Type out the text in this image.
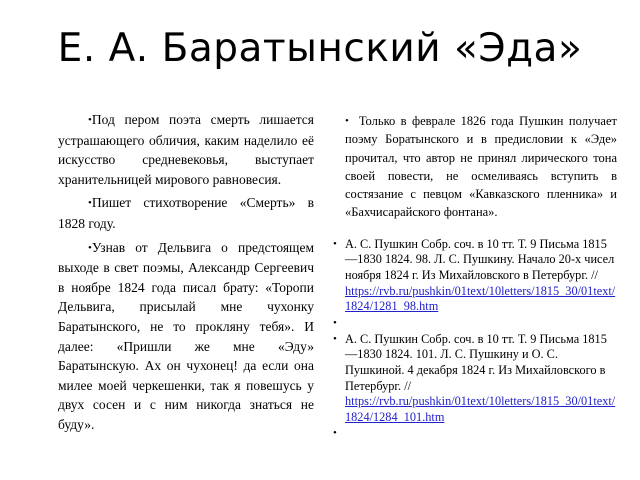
Е. А. Баратынский «Эда»

•Под пером поэта смерть лишается устрашающего обличия, каким наделило её искусство средневековья, выступает хранительницей мирового равновесия.

•Пишет стихотворение «Смерть» в 1828 году.

•Узнав от Дельвига о предстоящем выходе в свет поэмы, Александр Сергеевич в ноябре 1824 года писал брату: «Торопи Дельвига, присылай мне чухонку Баратынского, не то прокляну тебя». И далее: «Пришли же мне «Эду» Баратынскую. Ах он чухонец! да если она милее моей черкешенки, так я повешусь у двух сосен и с ним никогда знаться не буду».

•Только в феврале 1826 года Пушкин получает поэму Боратынского и в предисловии к «Эде» прочитал, что автор не принял лирического тона своей повести, не осмеливаясь вступить в состязание с певцом «Кавказского пленника» и «Бахчисарайского фонтана».

• А. С. Пушкин Собр. соч. в 10 тт. Т. 9 Письма 1815—1830 1824. 98. Л. С. Пушкину. Начало 20-х чисел ноября 1824 г. Из Михайловского в Петербург. //
https://rvb.ru/pushkin/01text/10letters/1815_30/01text/1824/1281_98.htm
•
• А. С. Пушкин Собр. соч. в 10 тт. Т. 9 Письма 1815—1830 1824. 101. Л. С. Пушкину и О. С. Пушкиной. 4 декабря 1824 г. Из Михайловского в Петербург. //
https://rvb.ru/pushkin/01text/10letters/1815_30/01text/1824/1284_101.htm
•
